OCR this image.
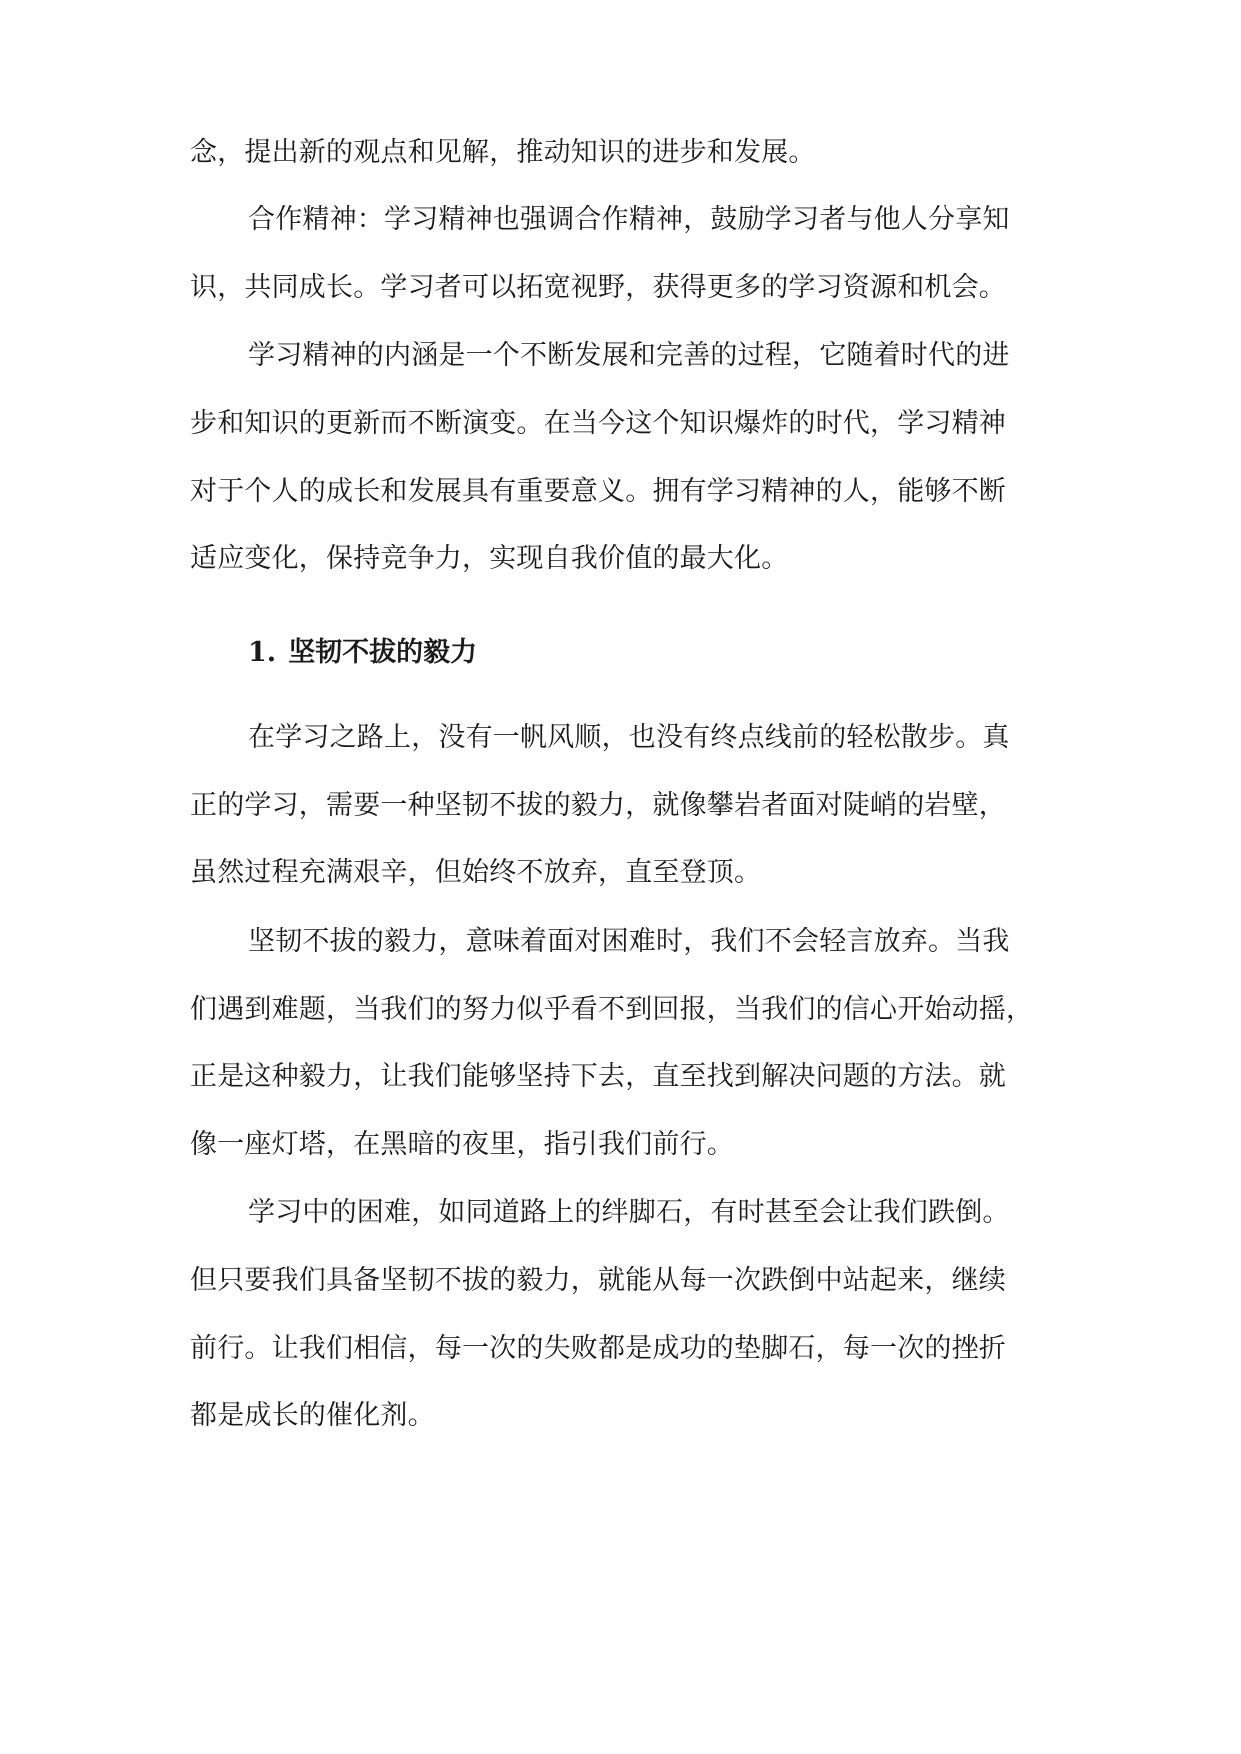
念，提出新的观点和见解，推动知识的进步和发展。
合作精神：学习精神也强调合作精神，鼓励学习者与他人分享知
识，共同成长。学习者可以拓宽视野，获得更多的学习资源和机会。
学习精神的内涵是一个不断发展和完善的过程，它随着时代的进
步和知识的更新而不断演变。在当今这个知识爆炸的时代，学习精神
对于个人的成长和发展具有重要意义。拥有学习精神的人，能够不断
适应变化，保持竞争力，实现自我价值的最大化。
1. 坚韧不拔的毅力
在学习之路上，没有一帆风顺，也没有终点线前的轻松散步。真
正的学习，需要一种坚韧不拔的毅力，就像攀岩者面对陡峭的岩壁，
虽然过程充满艰辛，但始终不放弃，直至登顶。
坚韧不拔的毅力，意味着面对困难时，我们不会轻言放弃。当我
们遇到难题，当我们的努力似乎看不到回报，当我们的信心开始动摇，
正是这种毅力，让我们能够坚持下去，直至找到解决问题的方法。就
像一座灯塔，在黑暗的夜里，指引我们前行。
学习中的困难，如同道路上的绊脚石，有时甚至会让我们跌倒。
但只要我们具备坚韧不拔的毅力，就能从每一次跌倒中站起来，继续
前行。让我们相信，每一次的失败都是成功的垫脚石，每一次的挫折
都是成长的催化剂。
